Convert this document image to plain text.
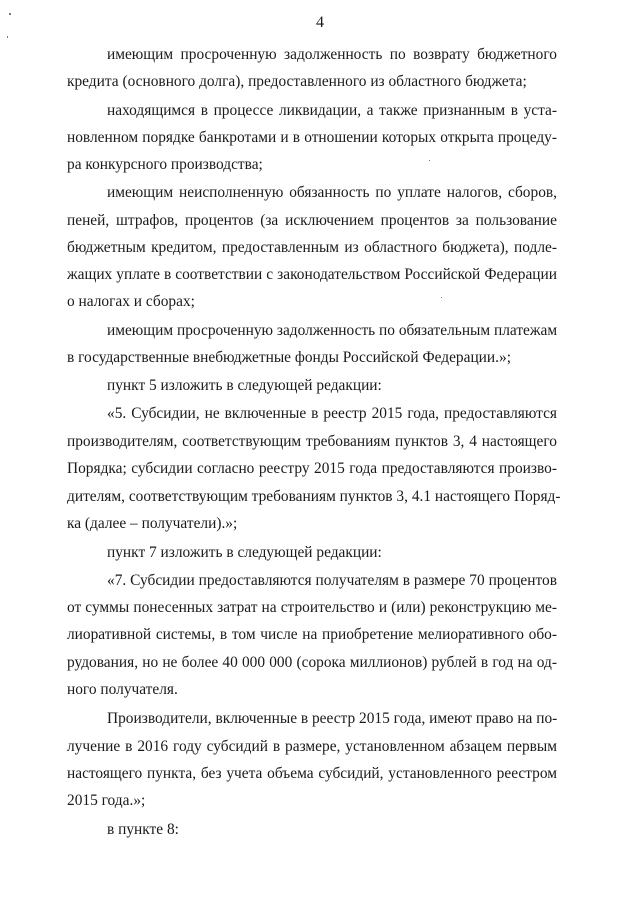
4
имеющим просроченную задолженность по возврату бюджетного
кредита (основного долга), предоставленного из областного бюджета;
находящимся в процессе ликвидации, а также признанным в уста-
новленном порядке банкротами и в отношении которых открыта процеду-
ра конкурсного производства;
имеющим неисполненную обязанность по уплате налогов, сборов,
пеней, штрафов, процентов (за исключением процентов за пользование
бюджетным кредитом, предоставленным из областного бюджета), подле-
жащих уплате в соответствии с законодательством Российской Федерации
о налогах и сборах;
имеющим просроченную задолженность по обязательным платежам
в государственные внебюджетные фонды Российской Федерации.»;
пункт 5 изложить в следующей редакции:
«5. Субсидии, не включенные в реестр 2015 года, предоставляются
производителям, соответствующим требованиям пунктов 3, 4 настоящего
Порядка; субсидии согласно реестру 2015 года предоставляются произво-
дителям, соответствующим требованиям пунктов 3, 4.1 настоящего Поряд-
ка (далее – получатели).»;
пункт 7 изложить в следующей редакции:
«7. Субсидии предоставляются получателям в размере 70 процентов
от суммы понесенных затрат на строительство и (или) реконструкцию ме-
лиоративной системы, в том числе на приобретение мелиоративного обо-
рудования, но не более 40 000 000 (сорока миллионов) рублей в год на од-
ного получателя.
Производители, включенные в реестр 2015 года, имеют право на по-
лучение в 2016 году субсидий в размере, установленном абзацем первым
настоящего пункта, без учета объема субсидий, установленного реестром
2015 года.»;
в пункте 8:
